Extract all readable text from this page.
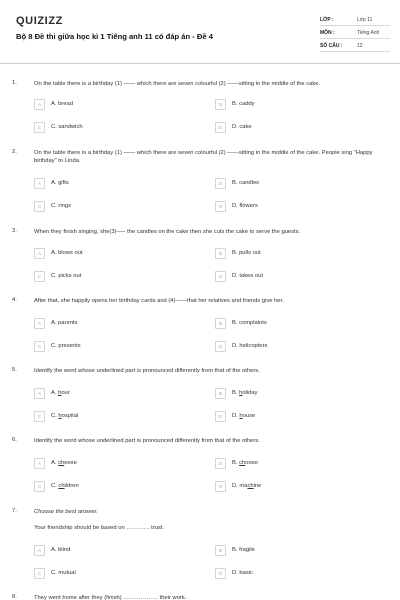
QUIZIZZ
Bộ 8 Đề thi giữa học kì 1 Tiếng anh 11 có đáp án - Đề 4
LỚP :	Lớp 11
MÔN :	Tiếng Anh
SỐ CÂU :	12
1.	On the table there is a birthday (1) —— which there are seven colourful (2) ——sitting in the middle of the cake.
A	A. bread	B	B. caddy
C	C. sandwich	D	D. cake
2.	On the table there is a birthday (1) —— which there are seven colourful (2) ——sitting in the middle of the cake. People sing "Happy birthday" to Linda.
A	A. gifts	B	B. candles
C	C. rings	D	D. flowers
3.	When they finish singing, she(3)—– the candles on the cake then she cuts the cake to serve the guests.
A	A. blows out	B	B. pulls out
C	C. picks out	D	D. takes out
4.	After that, she happily opens her birthday cards and (4)——that her relatives and friends give her.
A	A. parents	B	B. complaints
C	C. presents	D	D. helicopters
5.	Identify the word whose underlined part is pronounced differently from that of the others.
A	A. hour	B	B. holiday
C	C. hospital	D	D. house
6.	Identify the word whose underlined part is pronounced differently from that of the others.
A	A. cheese	B	B. choose
C	C. children	D	D. machine
7.	Choose the best answer.
Your friendship should be based on ………… trust.
A	A. blind	B	B. fragile
C	C. mutual	D	D. basic
8.	They went home after they (finish) ……………… their work.
